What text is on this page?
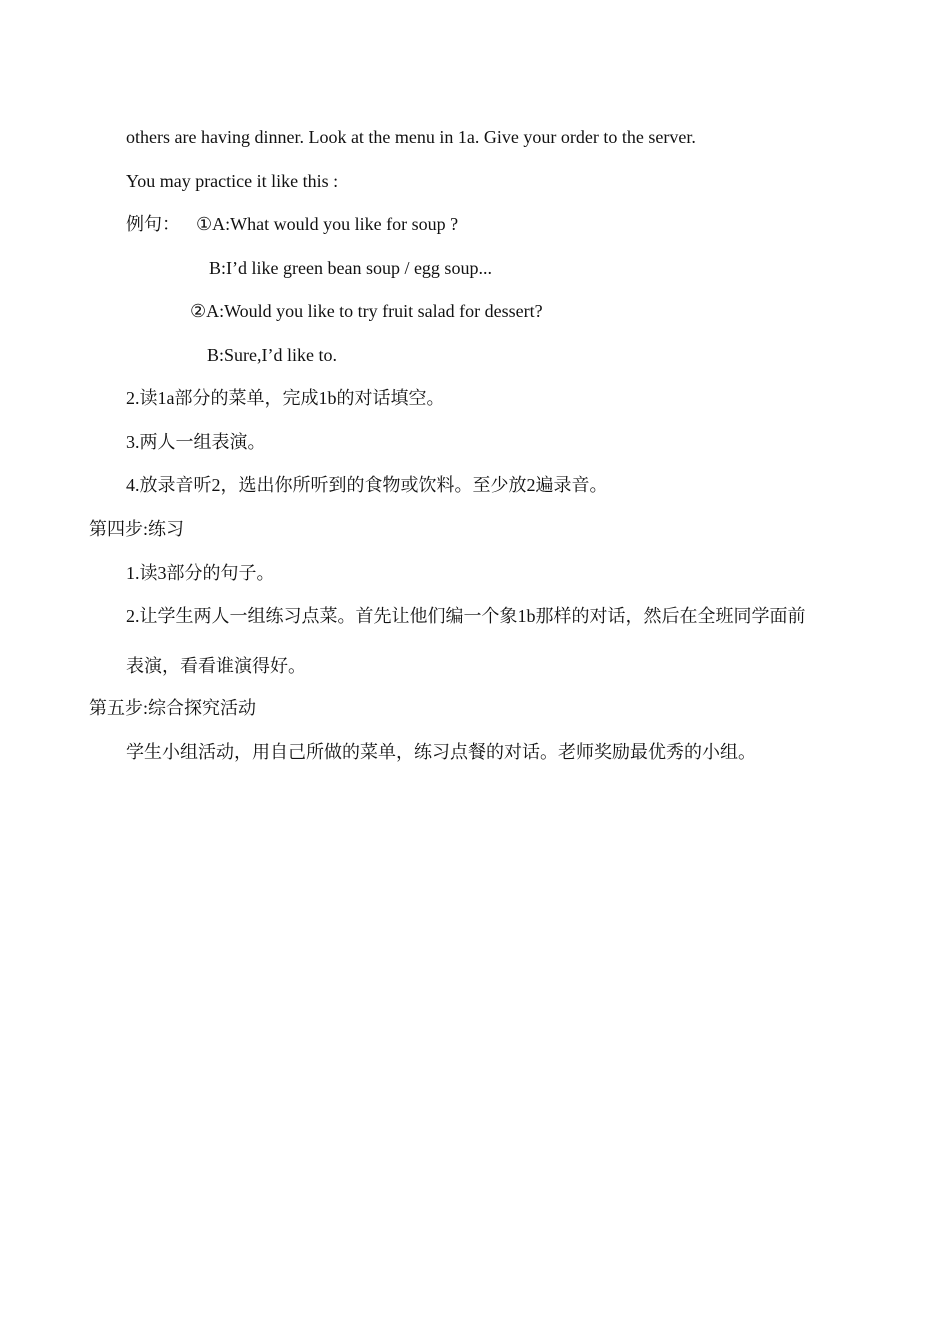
others are having dinner. Look at the menu in 1a. Give your order to the server.
You may practice it like this :
例句： ①A:What would you like for soup ?
B:I’d like green bean soup / egg soup...
②A:Would you like to try fruit salad for dessert?
B:Sure,I’d like to.
2.读1a部分的菜单，完成1b的对话填空。
3.两人一组表演。
4.放录音听2，选出你所听到的食物或饮料。至少放2遍录音。
第四步:练习
1.读3部分的句子。
2.让学生两人一组练习点菜。首先让他们编一个象1b那样的对话，然后在全班同学面前
表演，看看谁演得好。
第五步:综合探究活动
学生小组活动，用自己所做的菜单，练习点餐的对话。老师奖励最优秀的小组。
